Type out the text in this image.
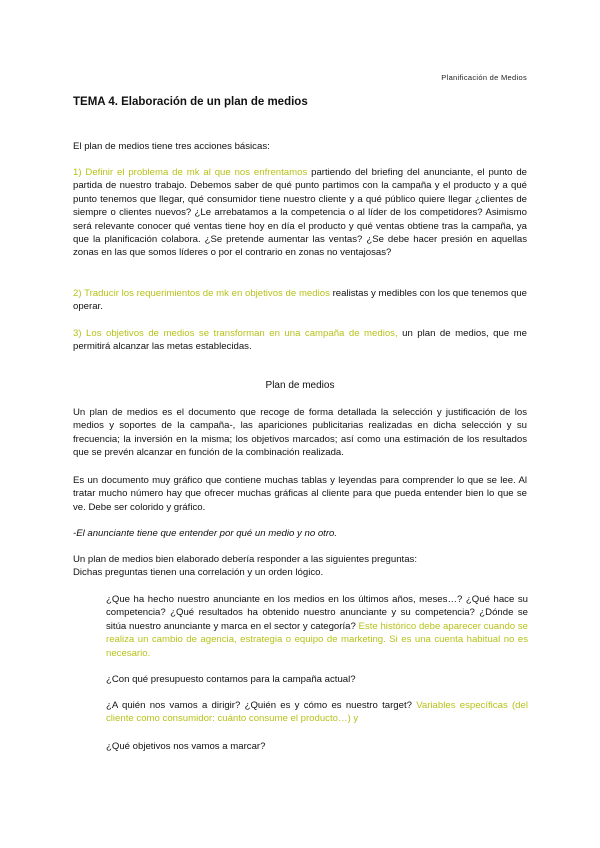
Planificación de Medios
TEMA 4. Elaboración de un plan de medios

El plan de medios tiene tres acciones básicas:

1) Definir el problema de mk al que nos enfrentamos partiendo del briefing del anunciante, el punto de partida de nuestro trabajo. Debemos saber de qué punto partimos con la campaña y el producto y a qué punto tenemos que llegar, qué consumidor tiene nuestro cliente y a qué público quiere llegar ¿clientes de siempre o clientes nuevos? ¿Le arrebatamos a la competencia o al líder de los competidores? Asimismo será relevante conocer qué ventas tiene hoy en día el producto y qué ventas obtiene tras la campaña, ya que la planificación colabora. ¿Se pretende aumentar las ventas? ¿Se debe hacer presión en aquellas zonas en las que somos líderes o por el contrario en zonas no ventajosas?

2) Traducir los requerimientos de mk en objetivos de medios realistas y medibles con los que tenemos que operar.

3) Los objetivos de medios se transforman en una campaña de medios, un plan de medios, que me permitirá alcanzar las metas establecidas.

Plan de medios

Un plan de medios es el documento que recoge de forma detallada la selección y justificación de los medios y soportes de la campaña-, las apariciones publicitarias realizadas en dicha selección y su frecuencia; la inversión en la misma; los objetivos marcados; así como una estimación de los resultados que se prevén alcanzar en función de la combinación realizada.

Es un documento muy gráfico que contiene muchas tablas y leyendas para comprender lo que se lee. Al tratar mucho número hay que ofrecer muchas gráficas al cliente para que pueda entender bien lo que se ve. Debe ser colorido y gráfico.

-El anunciante tiene que entender por qué un medio y no otro.

Un plan de medios bien elaborado debería responder a las siguientes preguntas:
Dichas preguntas tienen una correlación y un orden lógico.

¿Que ha hecho nuestro anunciante en los medios en los últimos años, meses…? ¿Qué hace su competencia? ¿Qué resultados ha obtenido nuestro anunciante y su competencia? ¿Dónde se sitúa nuestro anunciante y marca en el sector y categoría? Este histórico debe aparecer cuando se realiza un cambio de agencia, estrategia o equipo de marketing. Si es una cuenta habitual no es necesario.

¿Con qué presupuesto contamos para la campaña actual?

¿A quién nos vamos a dirigir? ¿Quién es y cómo es nuestro target? Variables específicas (del cliente como consumidor: cuánto consume el producto…) y

¿Qué objetivos nos vamos a marcar?
